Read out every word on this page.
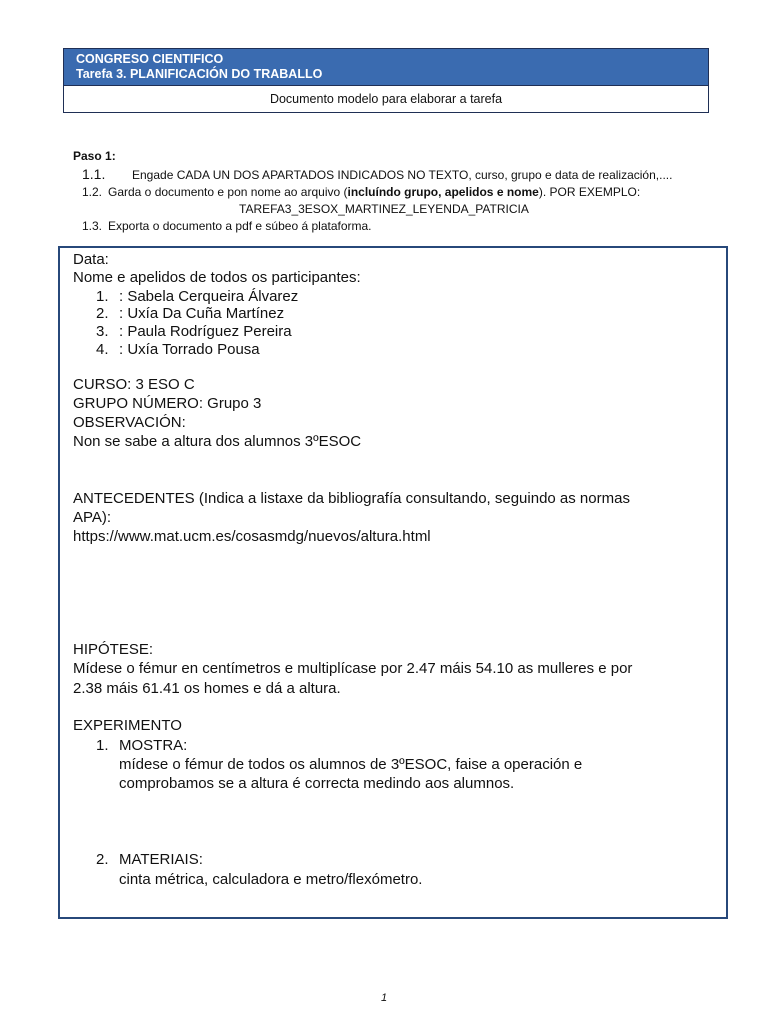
CONGRESO CIENTIFICO
Tarefa 3. PLANIFICACIÓN DO TRABALLO
Documento modelo para elaborar a tarefa
Paso 1:
1.1. Engade CADA UN DOS APARTADOS INDICADOS NO TEXTO, curso, grupo e data de realización,....
1.2. Garda o documento e pon nome ao arquivo (incluíndo grupo, apelidos e nome). POR EXEMPLO:
TAREFA3_3ESOX_MARTINEZ_LEYENDA_PATRICIA
1.3. Exporta o documento a pdf e súbeo á plataforma.
Data:
Nome e apelidos de todos os participantes:
1. : Sabela Cerqueira Álvarez
2. : Uxía Da Cuña Martínez
3. : Paula Rodríguez Pereira
4. : Uxía Torrado Pousa
CURSO: 3 ESO C
GRUPO NÚMERO: Grupo 3
OBSERVACIÓN:
Non se sabe a altura dos alumnos 3ºESOC
ANTECEDENTES (Indica a listaxe da bibliografía consultando, seguindo as normas
APA):
https://www.mat.ucm.es/cosasmdg/nuevos/altura.html
HIPÓTESE:
Mídese o fémur en centímetros e multiplícase por 2.47 máis 54.10 as mulleres e por
2.38 máis 61.41 os homes e dá a altura.
EXPERIMENTO
1. MOSTRA:
mídese o fémur de todos os alumnos de 3ºESOC, faise a operación e
comprobamos se a altura é correcta medindo aos alumnos.
2. MATERIAIS:
cinta métrica, calculadora e metro/flexómetro.
1
